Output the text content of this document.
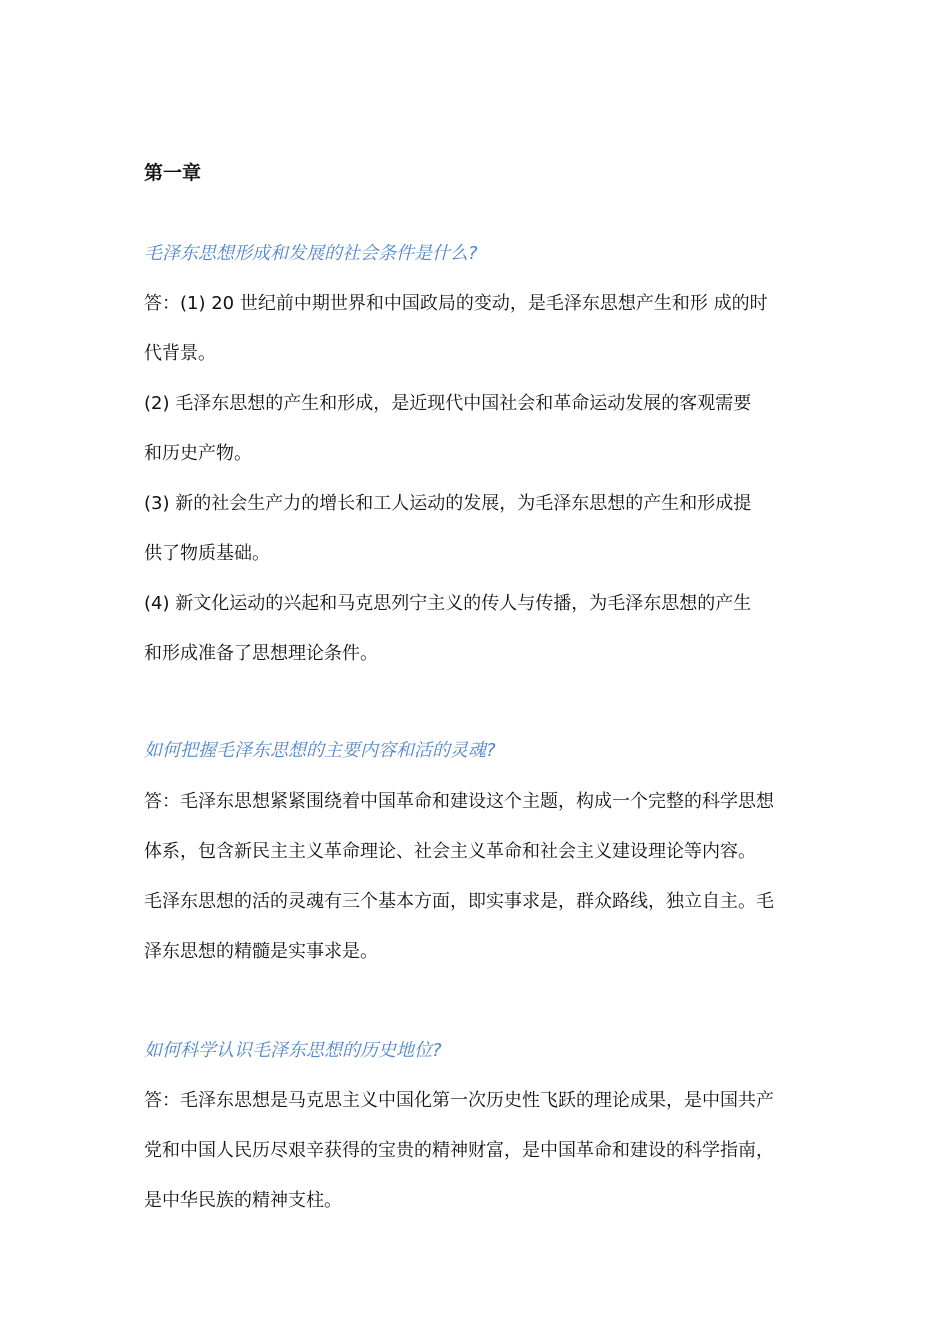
第一章

毛泽东思想形成和发展的社会条件是什么?

答：(1) 20 世纪前中期世界和中国政局的变动，是毛泽东思想产生和形 成的时
代背景。
(2) 毛泽东思想的产生和形成，是近现代中国社会和革命运动发展的客观需要
和历史产物。
(3) 新的社会生产力的增长和工人运动的发展，为毛泽东思想的产生和形成提
供了物质基础。
(4) 新文化运动的兴起和马克思列宁主义的传人与传播，为毛泽东思想的产生
和形成准备了思想理论条件。

如何把握毛泽东思想的主要内容和活的灵魂?

答：毛泽东思想紧紧围绕着中国革命和建设这个主题，构成一个完整的科学思想
体系，包含新民主主义革命理论、社会主义革命和社会主义建设理论等内容。
毛泽东思想的活的灵魂有三个基本方面，即实事求是，群众路线，独立自主。毛
泽东思想的精髓是实事求是。

如何科学认识毛泽东思想的历史地位?

答：毛泽东思想是马克思主义中国化第一次历史性飞跃的理论成果，是中国共产
党和中国人民历尽艰辛获得的宝贵的精神财富，是中国革命和建设的科学指南，
是中华民族的精神支柱。
